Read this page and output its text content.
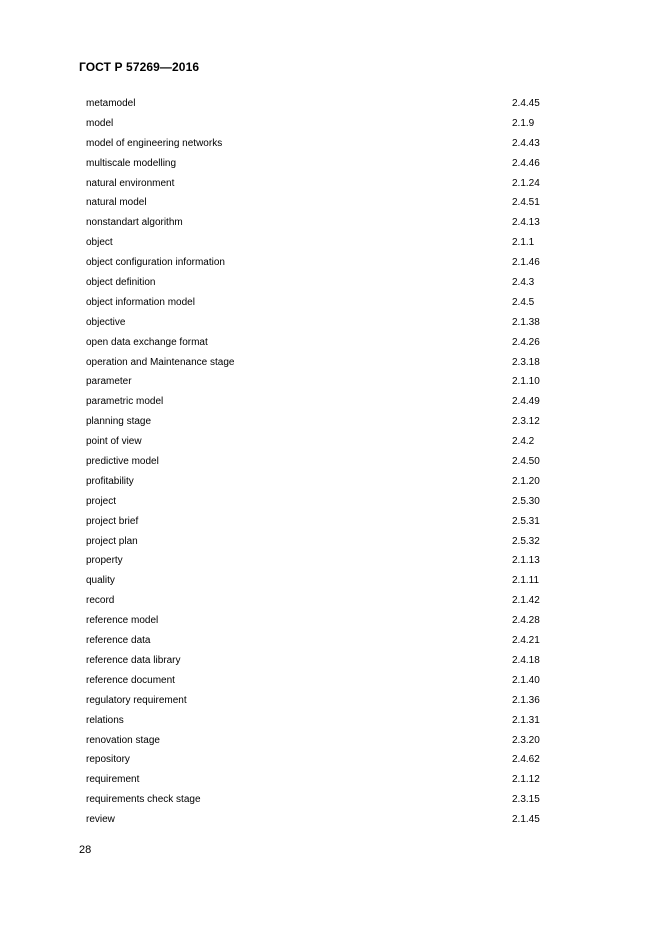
ГОСТ Р 57269—2016
metamodel	2.4.45
model	2.1.9
model of engineering networks	2.4.43
multiscale modelling	2.4.46
natural environment	2.1.24
natural model	2.4.51
nonstandart algorithm	2.4.13
object	2.1.1
object configuration information	2.1.46
object definition	2.4.3
object information model	2.4.5
objective	2.1.38
open data exchange format	2.4.26
operation and Maintenance stage	2.3.18
parameter	2.1.10
parametric model	2.4.49
planning stage	2.3.12
point of view	2.4.2
predictive model	2.4.50
profitability	2.1.20
project	2.5.30
project brief	2.5.31
project plan	2.5.32
property	2.1.13
quality	2.1.11
record	2.1.42
reference model	2.4.28
reference data	2.4.21
reference data library	2.4.18
reference document	2.1.40
regulatory requirement	2.1.36
relations	2.1.31
renovation stage	2.3.20
repository	2.4.62
requirement	2.1.12
requirements check stage	2.3.15
review	2.1.45
28
